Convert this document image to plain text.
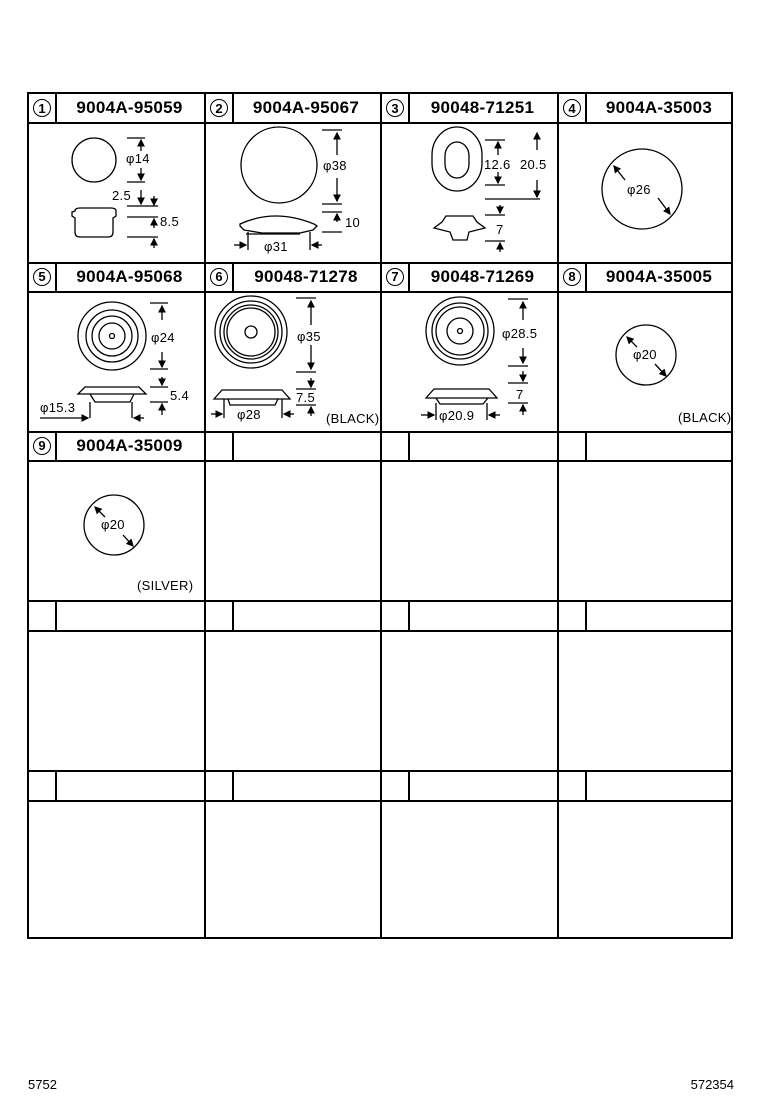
1	9004A-95059	2	9004A-95067	3	90048-71251	4	9004A-35003
5	9004A-95068	6	90048-71278	7	90048-71269	8	9004A-35005
9	9004A-35009
φ14
2.5
8.5
φ38
10
φ31
12.6 20.5
7
φ26
φ24
5.4
φ15.3
φ35
7.5
φ28	(BLACK)
φ28.5
7
φ20.9
φ20
(BLACK)
φ20
(SILVER)
5752	572354
